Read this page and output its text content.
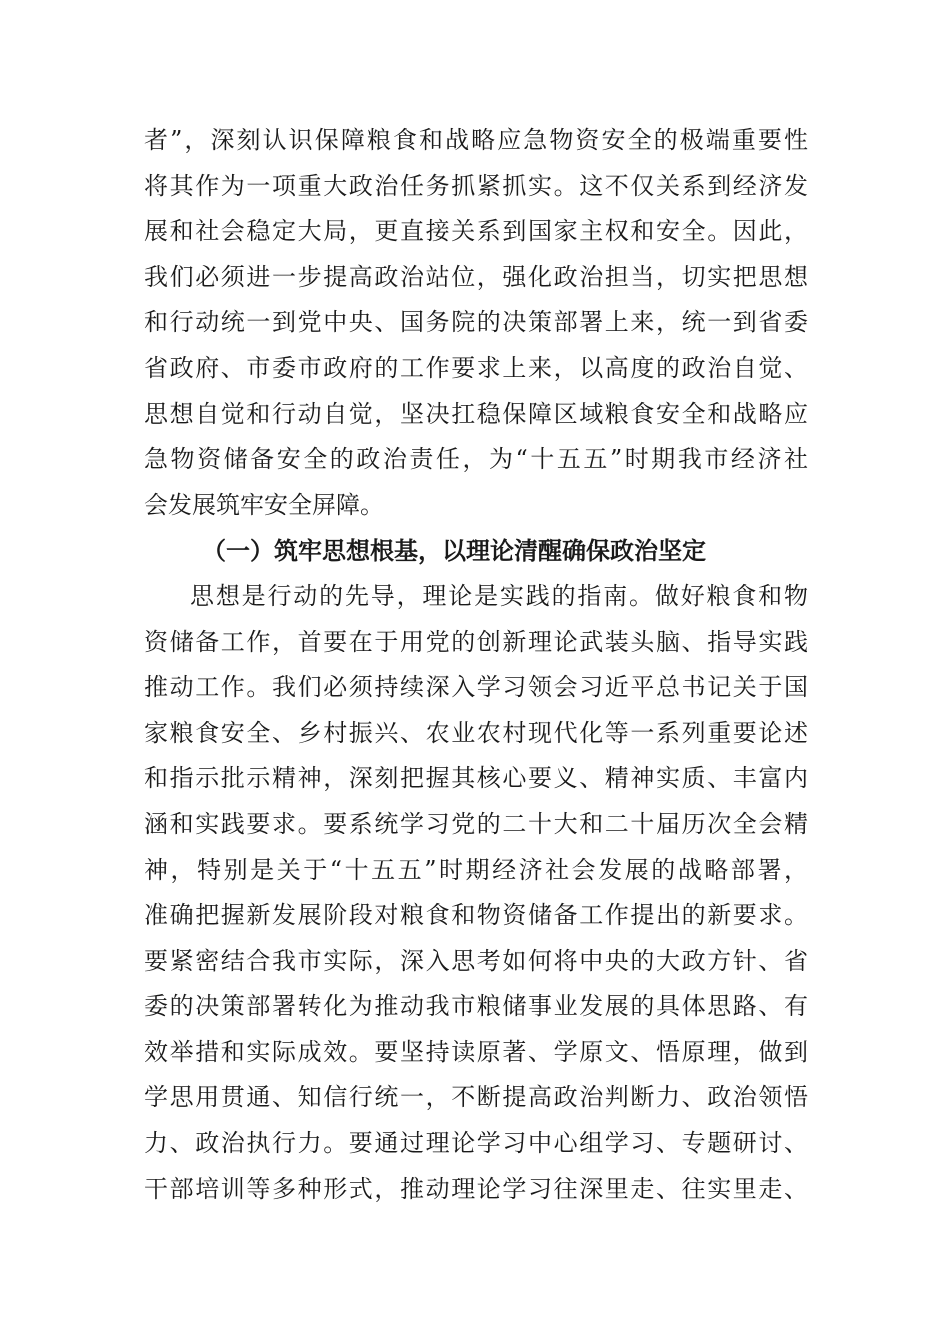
者”，深刻认识保障粮食和战略应急物资安全的极端重要性
将其作为一项重大政治任务抓紧抓实。这不仅关系到经济发
展和社会稳定大局，更直接关系到国家主权和安全。因此，
我们必须进一步提高政治站位，强化政治担当，切实把思想
和行动统一到党中央、国务院的决策部署上来，统一到省委
省政府、市委市政府的工作要求上来，以高度的政治自觉、
思想自觉和行动自觉，坚决扛稳保障区域粮食安全和战略应
急物资储备安全的政治责任，为“十五五”时期我市经济社
会发展筑牢安全屏障。
（一）筑牢思想根基，以理论清醒确保政治坚定
思想是行动的先导，理论是实践的指南。做好粮食和物
资储备工作，首要在于用党的创新理论武装头脑、指导实践
推动工作。我们必须持续深入学习领会习近平总书记关于国
家粮食安全、乡村振兴、农业农村现代化等一系列重要论述
和指示批示精神，深刻把握其核心要义、精神实质、丰富内
涵和实践要求。要系统学习党的二十大和二十届历次全会精
神，特别是关于“十五五”时期经济社会发展的战略部署，
准确把握新发展阶段对粮食和物资储备工作提出的新要求。
要紧密结合我市实际，深入思考如何将中央的大政方针、省
委的决策部署转化为推动我市粮储事业发展的具体思路、有
效举措和实际成效。要坚持读原著、学原文、悟原理，做到
学思用贯通、知信行统一，不断提高政治判断力、政治领悟
力、政治执行力。要通过理论学习中心组学习、专题研讨、
干部培训等多种形式，推动理论学习往深里走、往实里走、
